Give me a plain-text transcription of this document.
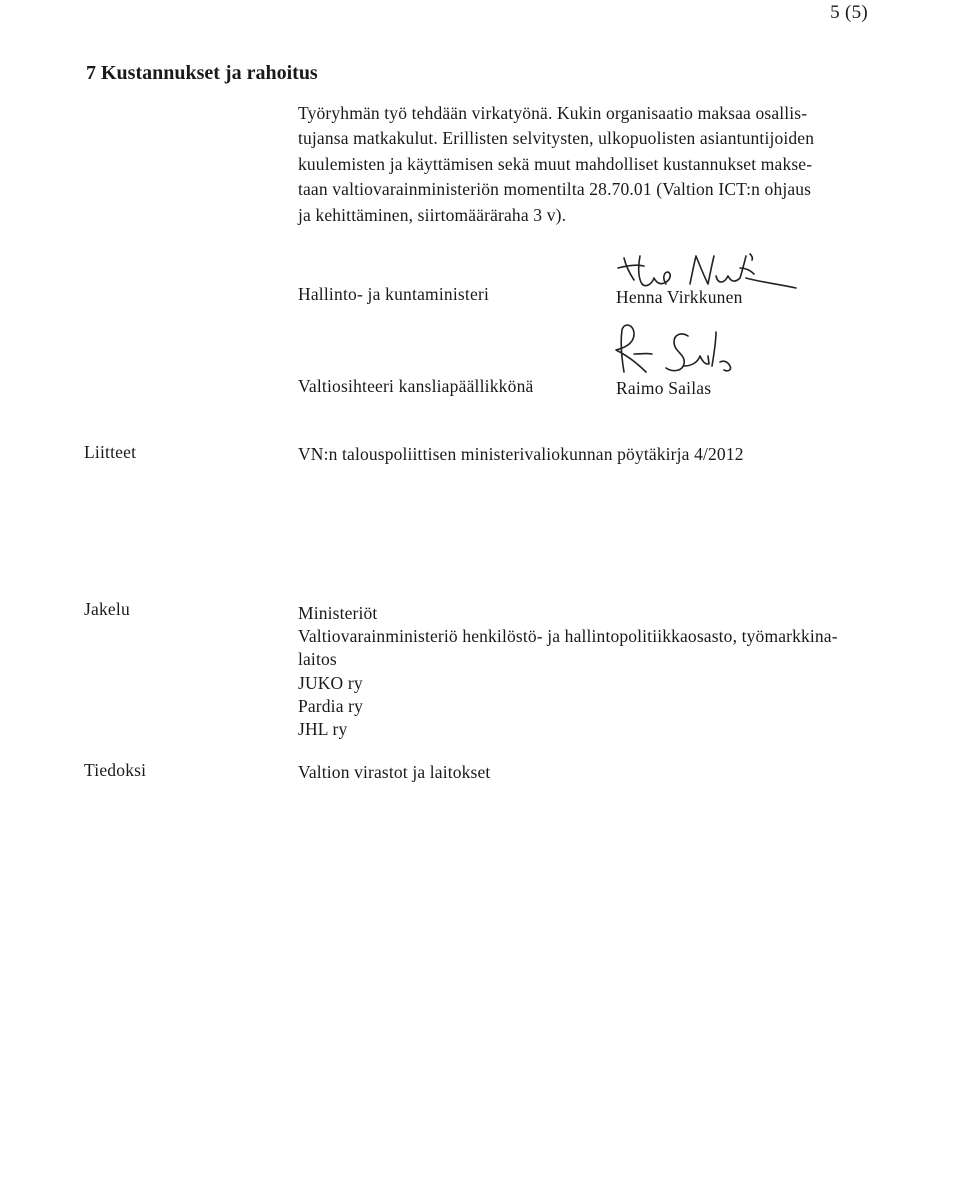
5 (5)
7 Kustannukset ja rahoitus
Työryhmän työ tehdään virkatyönä. Kukin organisaatio maksaa osallis-
tujansa matkakulut. Erillisten selvitysten, ulkopuolisten asiantuntijoiden
kuulemisten ja käyttämisen sekä muut mahdolliset kustannukset makse-
taan valtiovarainministeriön momentilta 28.70.01 (Valtion ICT:n ohjaus
ja kehittäminen, siirtomääräraha 3 v).
Hallinto- ja kuntaministeri	Henna Virkkunen
Valtiosihteeri kansliapäällikkönä	Raimo Sailas
Liitteet	VN:n talouspoliittisen ministerivaliokunnan pöytäkirja 4/2012
Jakelu	Ministeriöt
Valtiovarainministeriö henkilöstö- ja hallintopolitiikkaosasto, työmarkkina-
laitos
JUKO ry
Pardia ry
JHL ry
Tiedoksi	Valtion virastot ja laitokset
